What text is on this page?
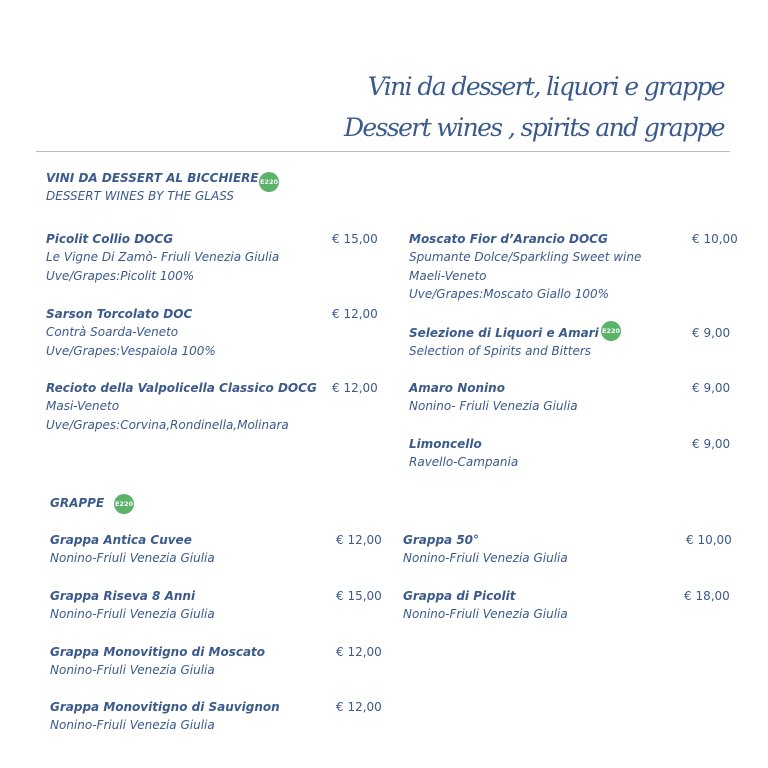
Vini da dessert, liquori e grappe
Dessert wines , spirits and grappe
VINI DA DESSERT AL BICCHIERE E220
DESSERT WINES BY THE GLASS
Picolit Collio DOCG
Le Vigne Di Zamò- Friuli Venezia Giulia
Uve/Grapes:Picolit 100%
€ 15,00
Sarson Torcolato DOC
Contrà Soarda-Veneto
Uve/Grapes:Vespaiola 100%
€ 12,00
Recioto della Valpolicella Classico DOCG
Masi-Veneto
Uve/Grapes:Corvina,Rondinella,Molinara
€ 12,00
Moscato Fior d’Arancio DOCG
Spumante Dolce/Sparkling Sweet wine
Maeli-Veneto
Uve/Grapes:Moscato Giallo 100%
€ 10,00
Selezione di Liquori e Amari
Selection of Spirits and Bitters
€ 9,00
E220
Amaro Nonino
Nonino- Friuli Venezia Giulia
€ 9,00
Limoncello
Ravello-Campania
€ 9,00
GRAPPE E220
Grappa Antica Cuvee
Nonino-Friuli Venezia Giulia
€ 12,00
Grappa Riseva 8 Anni
Nonino-Friuli Venezia Giulia
€ 15,00
Grappa Monovitigno di Moscato
Nonino-Friuli Venezia Giulia
€ 12,00
Grappa Monovitigno di Sauvignon
Nonino-Friuli Venezia Giulia
€ 12,00
Grappa 50°
Nonino-Friuli Venezia Giulia
€ 10,00
Grappa di Picolit
Nonino-Friuli Venezia Giulia
€ 18,00
